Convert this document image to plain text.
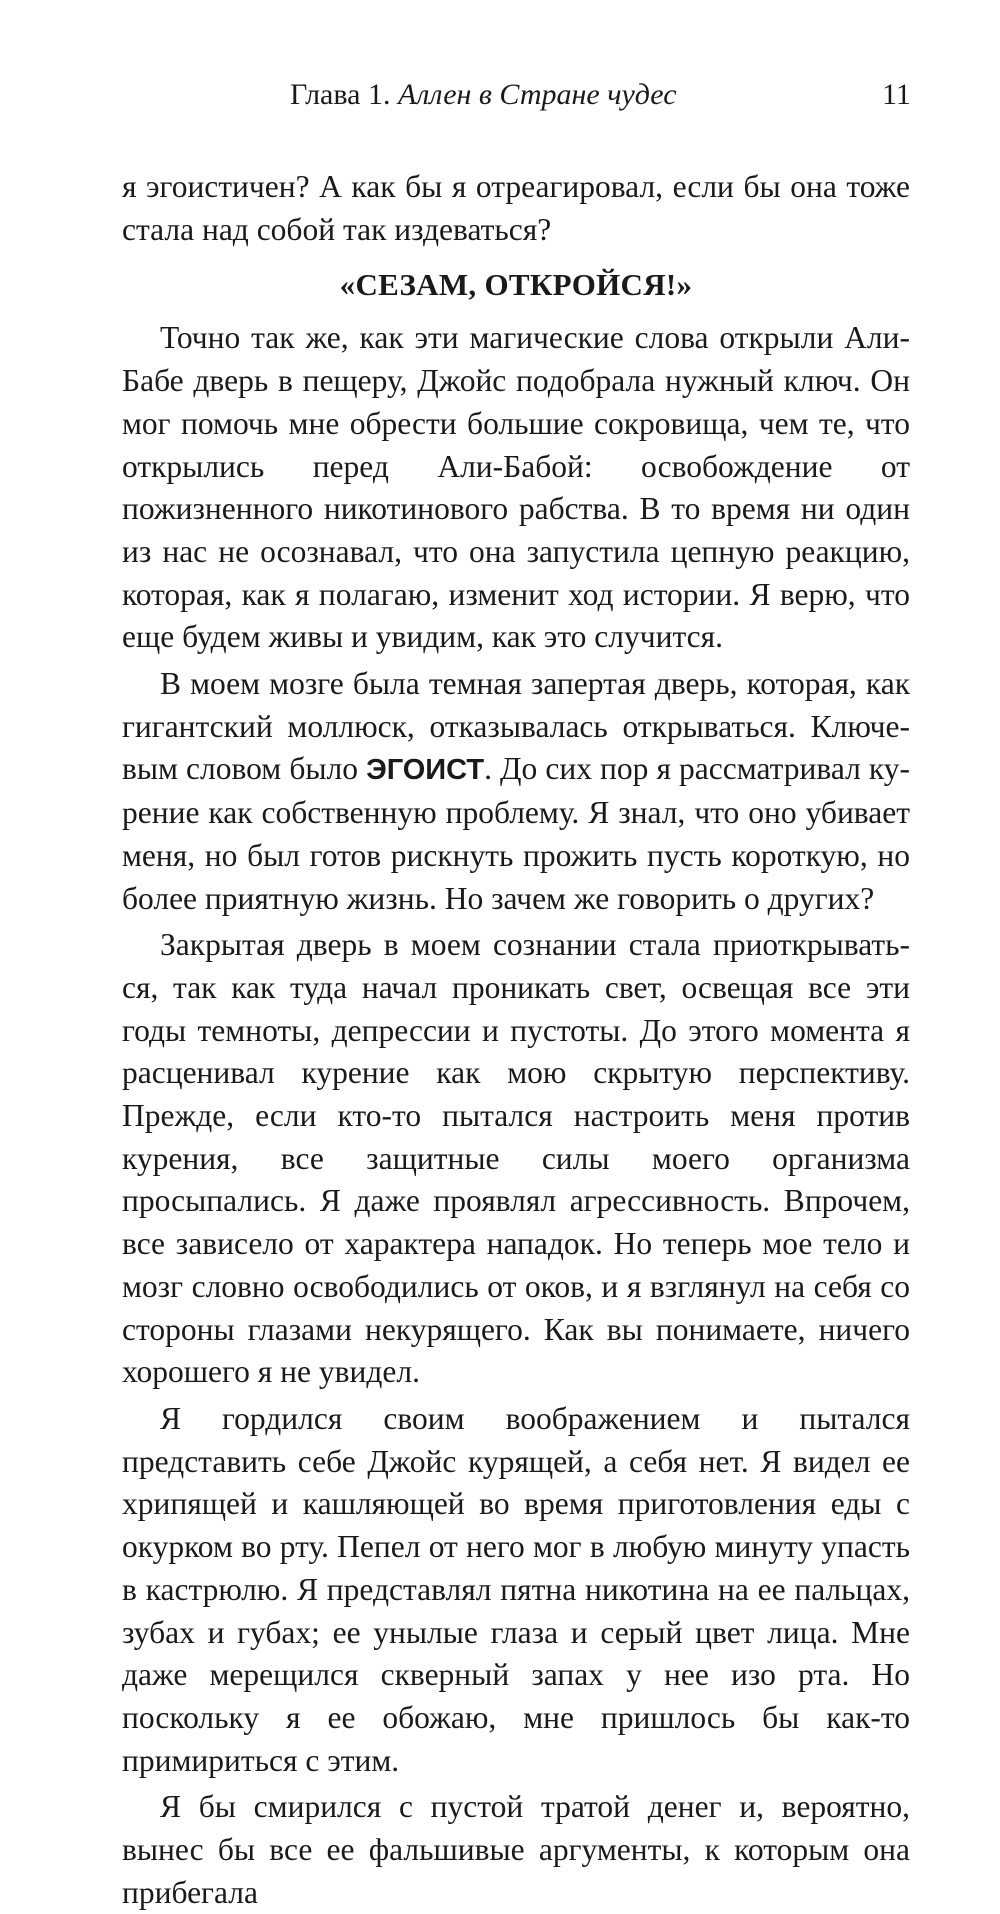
Глава 1. Аллен в Стране чудес	11

я эгоистичен? А как бы я отреагировал, если бы она тоже стала над собой так издеваться?

«СЕЗАМ, ОТКРОЙСЯ!»

Точно так же, как эти магические слова открыли Али-Бабе дверь в пещеру, Джойс подобрала нужный ключ. Он мог помочь мне обрести большие сокровища, чем те, что открылись перед Али-Бабой: освобождение от пожизненного никотинового рабства. В то время ни один из нас не осознавал, что она запустила цепную реакцию, которая, как я полагаю, изменит ход истории. Я верю, что еще будем живы и увидим, как это случится.

В моем мозге была темная запертая дверь, которая, как гигантский моллюск, отказывалась открываться. Ключевым словом было ЭГОИСТ. До сих пор я рассматривал курение как собственную проблему. Я знал, что оно убивает меня, но был готов рискнуть прожить пусть короткую, но более приятную жизнь. Но зачем же говорить о других?

Закрытая дверь в моем сознании стала приоткрываться, так как туда начал проникать свет, освещая все эти годы темноты, депрессии и пустоты. До этого момента я расценивал курение как мою скрытую перспективу. Прежде, если кто-то пытался настроить меня против курения, все защитные силы моего организма просыпались. Я даже проявлял агрессивность. Впрочем, все зависело от характера нападок. Но теперь мое тело и мозг словно освободились от оков, и я взглянул на себя со стороны глазами некурящего. Как вы понимаете, ничего хорошего я не увидел.

Я гордился своим воображением и пытался представить себе Джойс курящей, а себя нет. Я видел ее хрипящей и кашляющей во время приготовления еды с окурком во рту. Пепел от него мог в любую минуту упасть в кастрюлю. Я представлял пятна никотина на ее пальцах, зубах и губах; ее унылые глаза и серый цвет лица. Мне даже мерещился скверный запах у нее изо рта. Но поскольку я ее обожаю, мне пришлось бы как-то примириться с этим.

Я бы смирился с пустой тратой денег и, вероятно, вынес бы все ее фальшивые аргументы, к которым она прибегала
